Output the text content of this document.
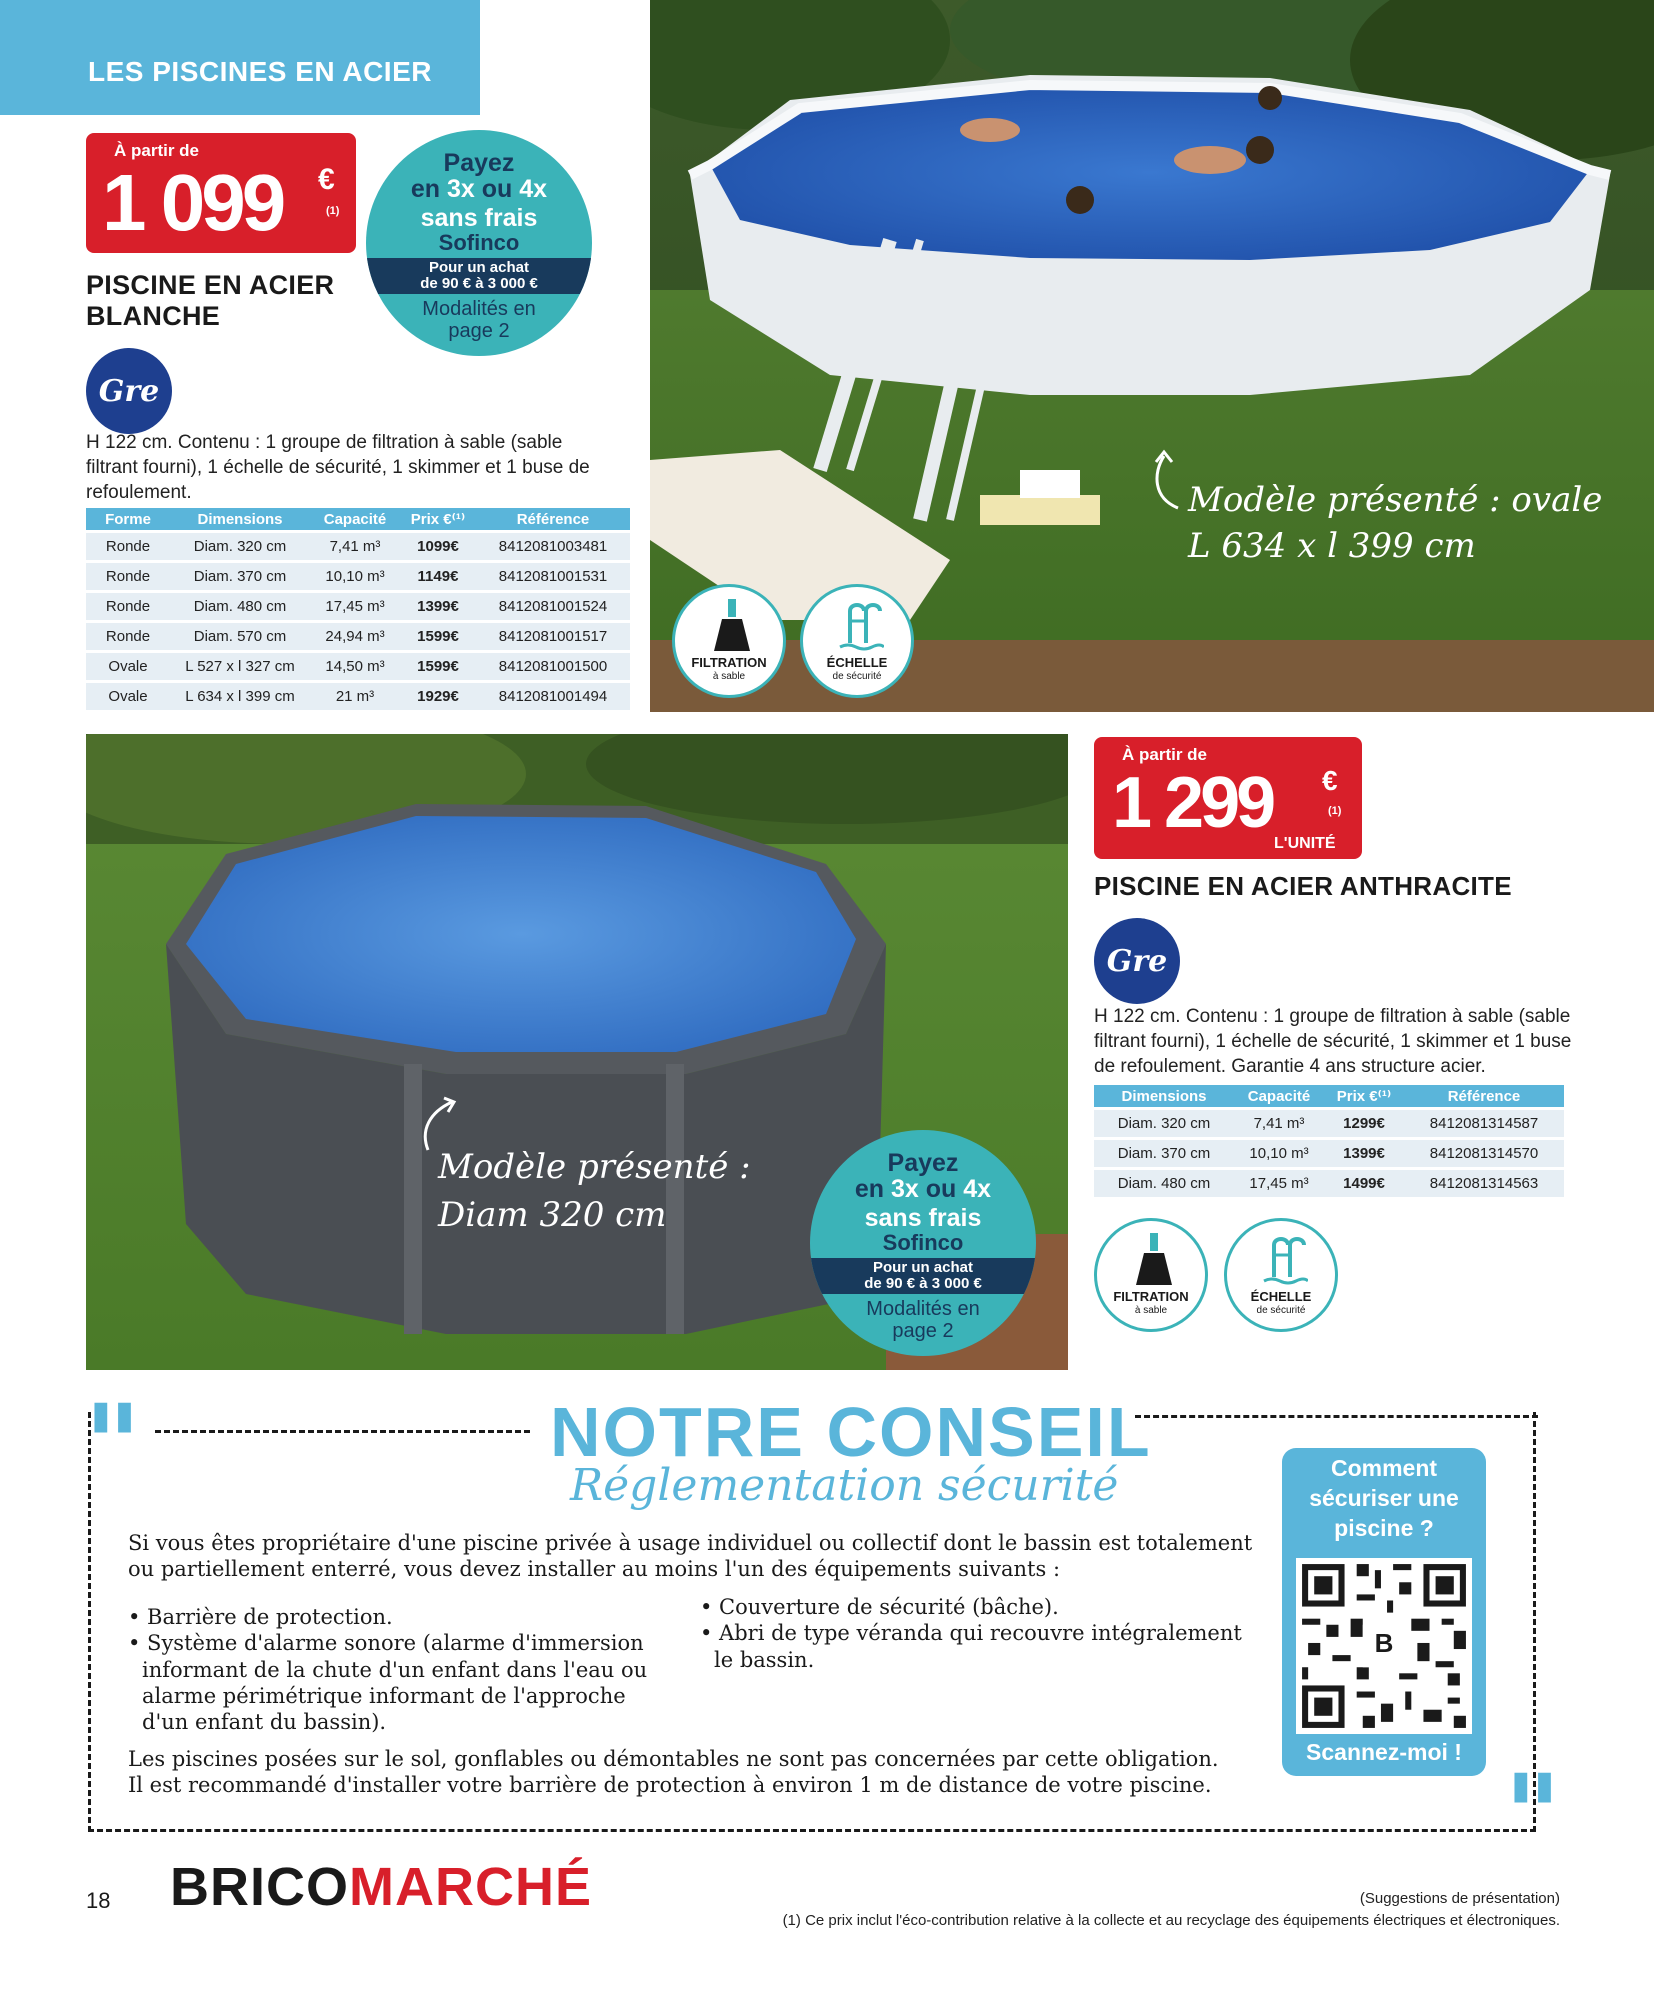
LES PISCINES EN ACIER
À partir de
1 099 €
(1)
Payez
en 3x ou 4x
sans frais
Sofinco
Pour un achat
de 90 € à 3 000 €
Modalités en
page 2
PISCINE EN ACIER
BLANCHE
Gre
H 122 cm. Contenu : 1 groupe de filtration à sable (sable
filtrant fourni), 1 échelle de sécurité, 1 skimmer et 1 buse de
refoulement.
Forme	Dimensions	Capacité	Prix €⁽¹⁾	Référence
Ronde	Diam. 320 cm	7,41 m³	1099€	8412081003481
Ronde	Diam. 370 cm	10,10 m³	1149€	8412081001531
Ronde	Diam. 480 cm	17,45 m³	1399€	8412081001524
Ronde	Diam. 570 cm	24,94 m³	1599€	8412081001517
Ovale	L 527 x l 327 cm	14,50 m³	1599€	8412081001500
Ovale	L 634 x l 399 cm	21 m³	1929€	8412081001494
Modèle présenté : ovale
L 634 x l 399 cm
FILTRATION
à sable
ÉCHELLE
de sécurité
Modèle présenté :
Diam 320 cm
Payez
en 3x ou 4x
sans frais
Sofinco
Pour un achat
de 90 € à 3 000 €
Modalités en
page 2
À partir de
1 299 €
(1)
L'UNITÉ
PISCINE EN ACIER ANTHRACITE
Gre
H 122 cm. Contenu : 1 groupe de filtration à sable (sable
filtrant fourni), 1 échelle de sécurité, 1 skimmer et 1 buse
de refoulement. Garantie 4 ans structure acier.
Dimensions	Capacité	Prix €⁽¹⁾	Référence
Diam. 320 cm	7,41 m³	1299€	8412081314587
Diam. 370 cm	10,10 m³	1399€	8412081314570
Diam. 480 cm	17,45 m³	1499€	8412081314563
FILTRATION
à sable
ÉCHELLE
de sécurité
"
"
NOTRE CONSEIL
Réglementation sécurité
Si vous êtes propriétaire d'une piscine privée à usage individuel ou collectif dont le bassin est totalement
ou partiellement enterré, vous devez installer au moins l'un des équipements suivants :
• Barrière de protection.
• Système d'alarme sonore (alarme d'immersion
informant de la chute d'un enfant dans l'eau ou
alarme périmétrique informant de l'approche
d'un enfant du bassin).
• Couverture de sécurité (bâche).
• Abri de type véranda qui recouvre intégralement
le bassin.
Les piscines posées sur le sol, gonflables ou démontables ne sont pas concernées par cette obligation.
Il est recommandé d'installer votre barrière de protection à environ 1 m de distance de votre piscine.
Comment
sécuriser une
piscine ?
B
Scannez-moi !
18 BRICOMARCHÉ	(Suggestions de présentation)
(1) Ce prix inclut l'éco-contribution relative à la collecte et au recyclage des équipements électriques et électroniques.
